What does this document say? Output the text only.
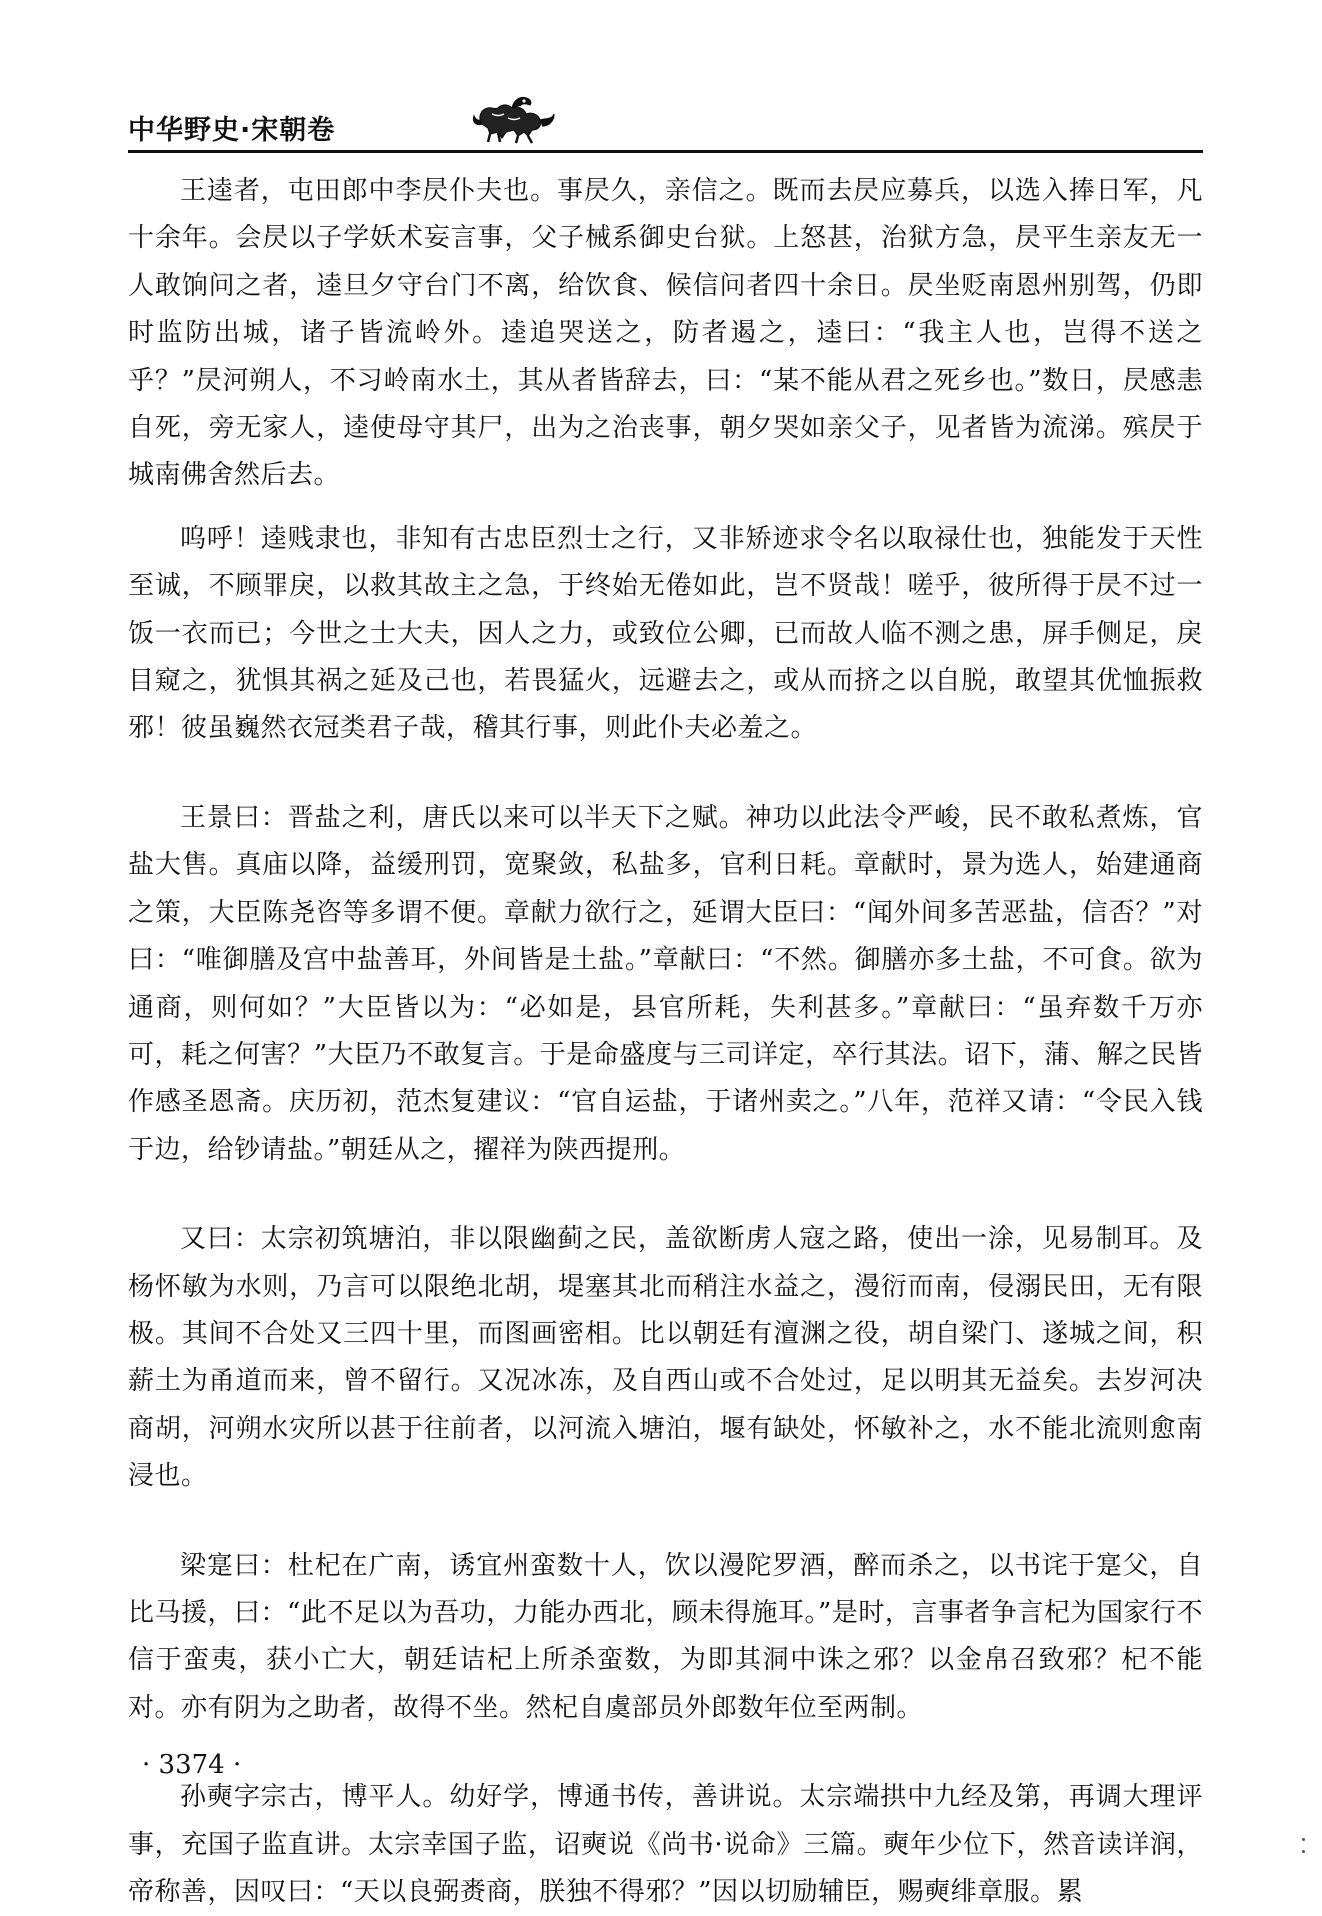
中华野史·宋朝卷

王逵者，屯田郎中李昃仆夫也。事昃久，亲信之。既而去昃应募兵，以选入捧日军，凡十余年。会昃以子学妖术妄言事，父子械系御史台狱。上怒甚，治狱方急，昃平生亲友无一人敢饷问之者，逵旦夕守台门不离，给饮食、候信问者四十余日。昃坐贬南恩州别驾，仍即时监防出城，诸子皆流岭外。逵追哭送之，防者遏之，逵曰：“我主人也，岂得不送之乎？”昃河朔人，不习岭南水土，其从者皆辞去，曰：“某不能从君之死乡也。”数日，昃感恚自死，旁无家人，逵使母守其尸，出为之治丧事，朝夕哭如亲父子，见者皆为流涕。殡昃于城南佛舍然后去。

呜呼！逵贱隶也，非知有古忠臣烈士之行，又非矫迹求令名以取禄仕也，独能发于天性至诚，不顾罪戾，以救其故主之急，于终始无倦如此，岂不贤哉！嗟乎，彼所得于昃不过一饭一衣而已；今世之士大夫，因人之力，或致位公卿，已而故人临不测之患，屏手侧足，戾目窥之，犹惧其祸之延及己也，若畏猛火，远避去之，或从而挤之以自脱，敢望其优恤振救邪！彼虽巍然衣冠类君子哉，稽其行事，则此仆夫必羞之。

王景曰：晋盐之利，唐氏以来可以半天下之赋。神功以此法令严峻，民不敢私煮炼，官盐大售。真庙以降，益缓刑罚，宽聚敛，私盐多，官利日耗。章献时，景为选人，始建通商之策，大臣陈尧咨等多谓不便。章献力欲行之，延谓大臣曰：“闻外间多苦恶盐，信否？”对曰：“唯御膳及宫中盐善耳，外间皆是土盐。”章献曰：“不然。御膳亦多土盐，不可食。欲为通商，则何如？”大臣皆以为：“必如是，县官所耗，失利甚多。”章献曰：“虽弃数千万亦可，耗之何害？”大臣乃不敢复言。于是命盛度与三司详定，卒行其法。诏下，蒲、解之民皆作感圣恩斋。庆历初，范杰复建议：“官自运盐，于诸州卖之。”八年，范祥又请：“令民入钱于边，给钞请盐。”朝廷从之，擢祥为陕西提刑。

又曰：太宗初筑塘泊，非以限幽蓟之民，盖欲断虏人寇之路，使出一涂，见易制耳。及杨怀敏为水则，乃言可以限绝北胡，堤塞其北而稍注水益之，漫衍而南，侵溺民田，无有限极。其间不合处又三四十里，而图画密相。比以朝廷有澶渊之役，胡自梁门、遂城之间，积薪土为甬道而来，曾不留行。又况冰冻，及自西山或不合处过，足以明其无益矣。去岁河决商胡，河朔水灾所以甚于往前者，以河流入塘泊，堰有缺处，怀敏补之，水不能北流则愈南浸也。

梁寔曰：杜杞在广南，诱宜州蛮数十人，饮以漫陀罗酒，醉而杀之，以书诧于寔父，自比马援，曰：“此不足以为吾功，力能办西北，顾未得施耳。”是时，言事者争言杞为国家行不信于蛮夷，获小亡大，朝廷诘杞上所杀蛮数，为即其洞中诛之邪？以金帛召致邪？杞不能对。亦有阴为之助者，故得不坐。然杞自虞部员外郎数年位至两制。

孙奭字宗古，博平人。幼好学，博通书传，善讲说。太宗端拱中九经及第，再调大理评事，充国子监直讲。太宗幸国子监，诏奭说《尚书·说命》三篇。奭年少位下，然音读详润，帝称善，因叹曰：“天以良弼赉商，朕独不得邪？”因以切励辅臣，赐奭绯章服。累

· 3374 ·
